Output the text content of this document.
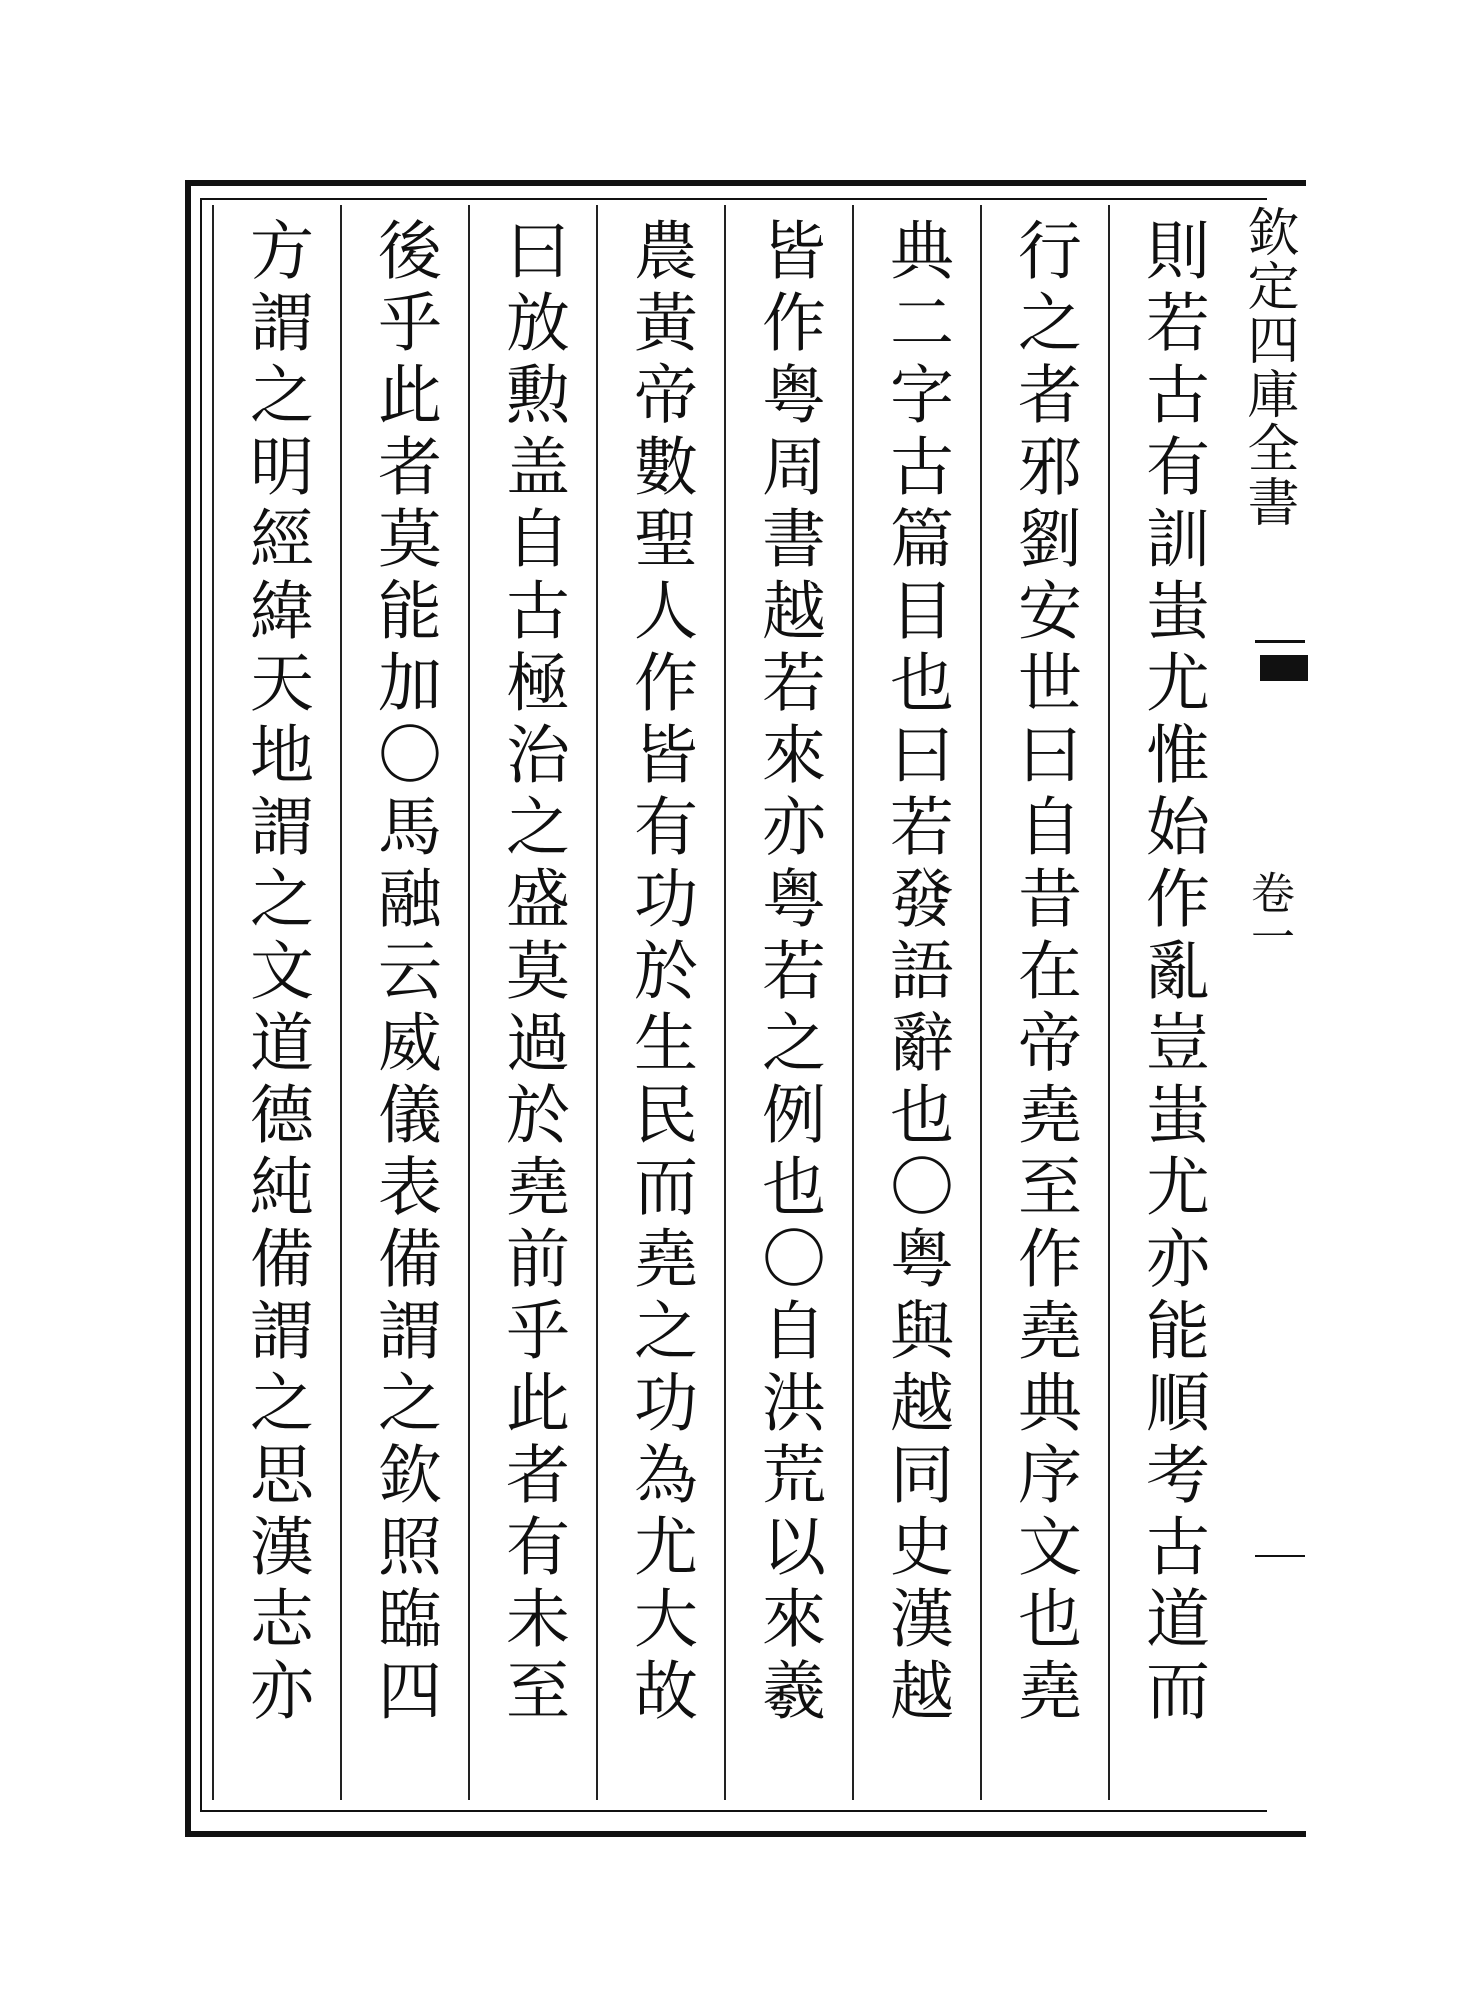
則若古有訓蚩尤惟始作亂豈蚩尤亦能順考古道而
行之者邪劉安世曰自昔在帝堯至作堯典序文也堯
典二字古篇目也曰若發語辭也〇粤與越同史漢越
皆作粤周書越若來亦粤若之例也〇自洪荒以來羲
農黃帝數聖人作皆有功於生民而堯之功為尤大故
曰放勲盖自古極治之盛莫過於堯前乎此者有未至
後乎此者莫能加〇馬融云威儀表備謂之欽照臨四
方謂之明經緯天地謂之文道德純備謂之思漢志亦	欽定四庫全書
卷一
